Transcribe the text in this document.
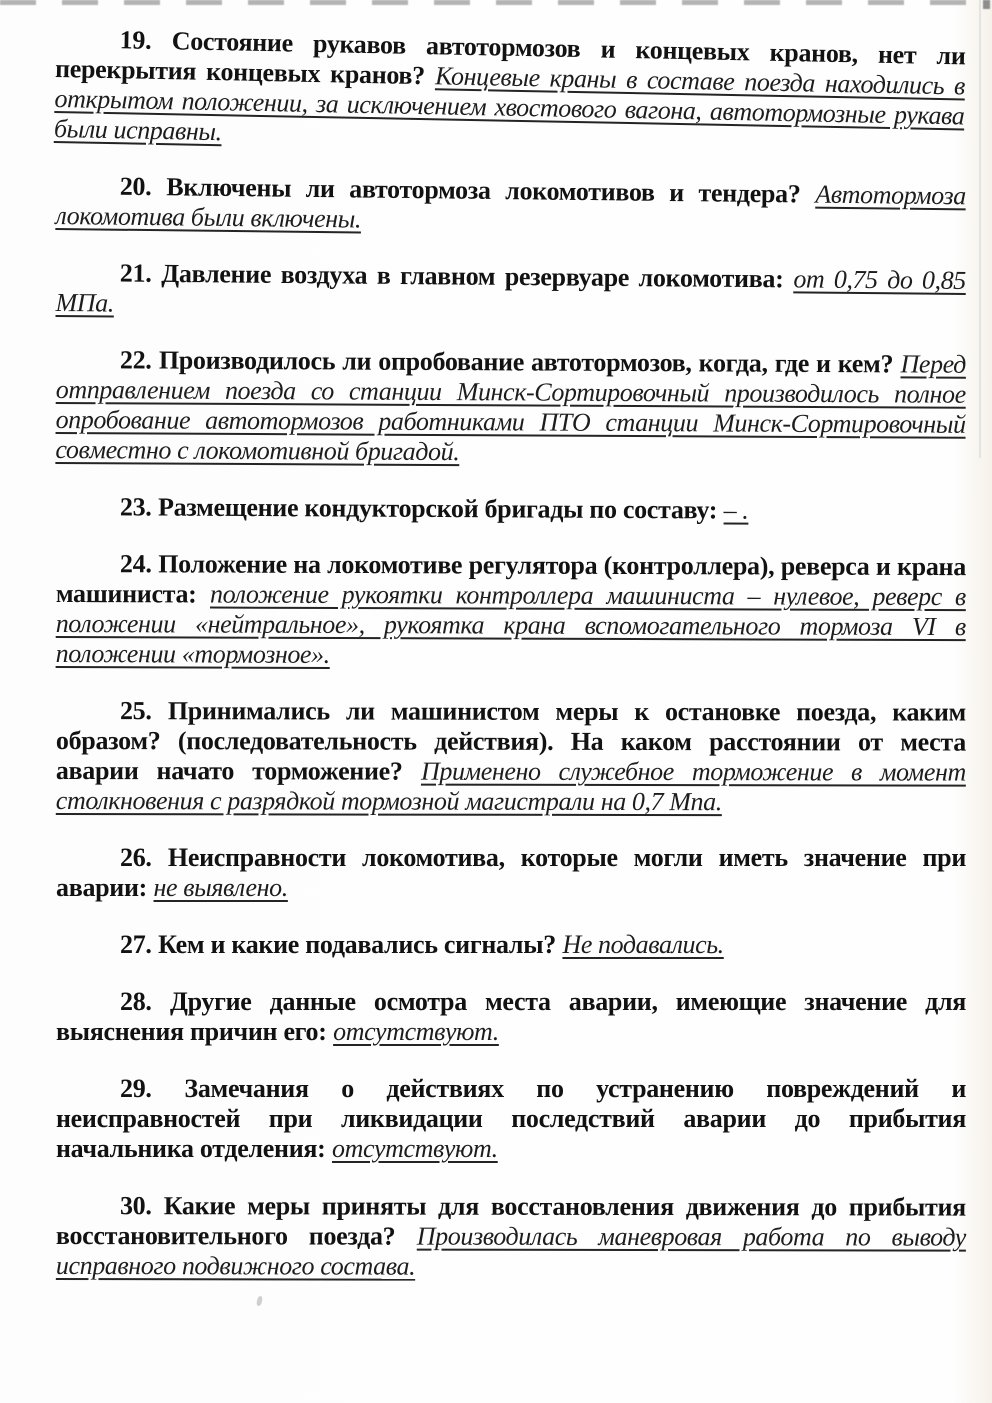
19. Состояние рукавов автотормозов и концевых кранов, нет ли перекрытия концевых кранов? Концевые краны в составе поезда находились в открытом положении, за исключением хвостового вагона, автотормозные рукава были исправны.

20. Включены ли автотормоза локомотивов и тендера? Автотормоза локомотива были включены.

21. Давление воздуха в главном резервуаре локомотива: от 0,75 до 0,85 МПа.

22. Производилось ли опробование автотормозов, когда, где и кем? Перед отправлением поезда со станции Минск-Сортировочный производилось полное опробование автотормозов работниками ПТО станции Минск-Сортировочный совместно с локомотивной бригадой.

23. Размещение кондукторской бригады по составу: – .

24. Положение на локомотиве регулятора (контроллера), реверса и крана машиниста: положение рукоятки контроллера машиниста – нулевое, реверс в положении «нейтральное», рукоятка крана вспомогательного тормоза VI в положении «тормозное».

25. Принимались ли машинистом меры к остановке поезда, каким образом? (последовательность действия). На каком расстоянии от места аварии начато торможение? Применено служебное торможение в момент столкновения с разрядкой тормозной магистрали на 0,7 Мпа.

26. Неисправности локомотива, которые могли иметь значение при аварии: не выявлено.

27. Кем и какие подавались сигналы? Не подавались.

28. Другие данные осмотра места аварии, имеющие значение для выяснения причин его: отсутствуют.

29. Замечания о действиях по устранению повреждений и неисправностей при ликвидации последствий аварии до прибытия начальника отделения: отсутствуют.

30. Какие меры приняты для восстановления движения до прибытия восстановительного поезда? Производилась маневровая работа по выводу исправного подвижного состава.
